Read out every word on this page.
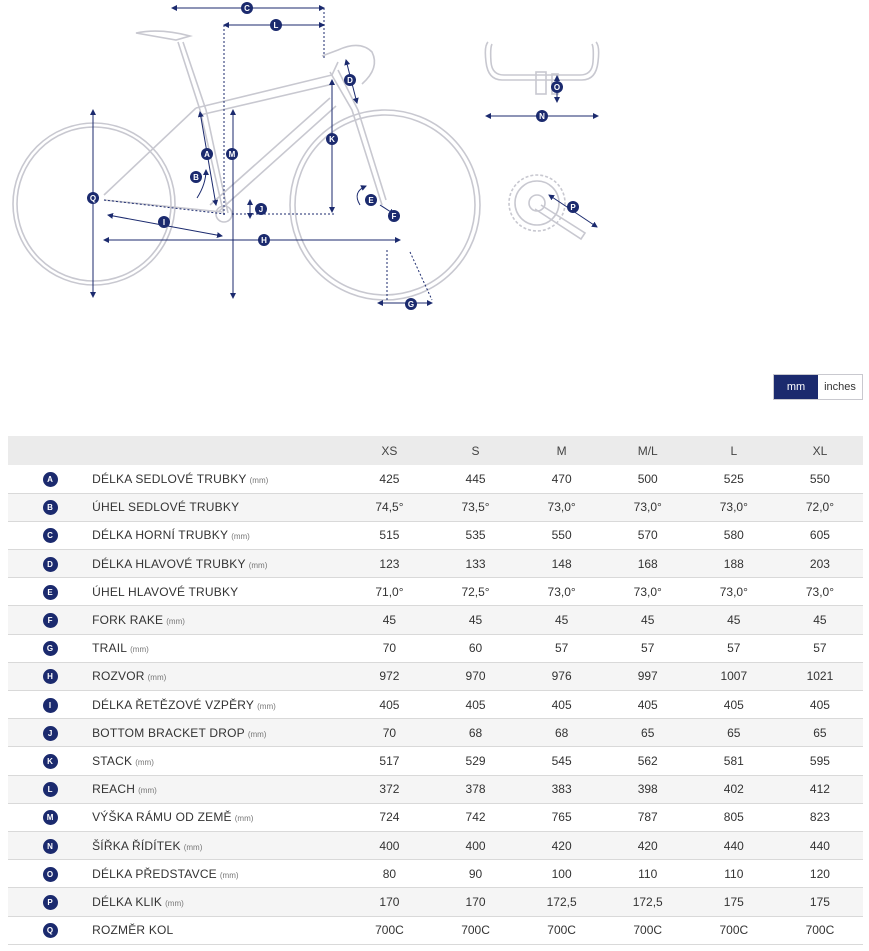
C
L
D
A M
B
K
Q	E
J
F
I
H
G
O
N
P
mm	inches
		XS	S	M	M/L	L	XL
A	DÉLKA SEDLOVÉ TRUBKY (mm)	425	445	470	500	525	550
B	ÚHEL SEDLOVÉ TRUBKY	74,5°	73,5°	73,0°	73,0°	73,0°	72,0°
C	DÉLKA HORNÍ TRUBKY (mm)	515	535	550	570	580	605
D	DÉLKA HLAVOVÉ TRUBKY (mm)	123	133	148	168	188	203
E	ÚHEL HLAVOVÉ TRUBKY	71,0°	72,5°	73,0°	73,0°	73,0°	73,0°
F	FORK RAKE (mm)	45	45	45	45	45	45
G	TRAIL (mm)	70	60	57	57	57	57
H	ROZVOR (mm)	972	970	976	997	1007	1021
I	DÉLKA ŘETĚZOVÉ VZPĚRY (mm)	405	405	405	405	405	405
J	BOTTOM BRACKET DROP (mm)	70	68	68	65	65	65
K	STACK (mm)	517	529	545	562	581	595
L	REACH (mm)	372	378	383	398	402	412
M	VÝŠKA RÁMU OD ZEMĚ (mm)	724	742	765	787	805	823
N	ŠÍŘKA ŘÍDÍTEK (mm)	400	400	420	420	440	440
O	DÉLKA PŘEDSTAVCE (mm)	80	90	100	110	110	120
P	DÉLKA KLIK (mm)	170	170	172,5	172,5	175	175
Q	ROZMĚR KOL	700C	700C	700C	700C	700C	700C
